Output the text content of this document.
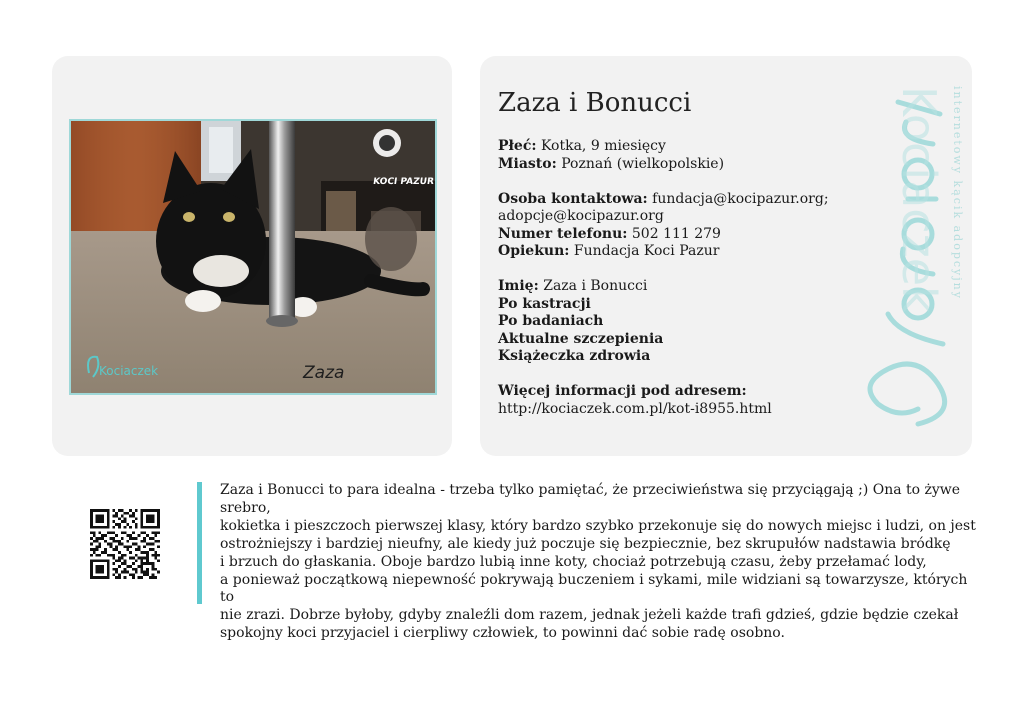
KOCI PAZUR
Kociaczek	Zaza
Zaza i Bonucci

Płeć: Kotka, 9 miesięcy

Miasto: Poznań (wielkopolskie)

Osoba kontaktowa: fundacja@kocipazur.org;

adopcje@kocipazur.org

Numer telefonu: 502 111 279

Opiekun: Fundacja Koci Pazur

Imię: Zaza i Bonucci

Po kastracji

Po badaniach

Aktualne szczepienia

Książeczka zdrowia

Więcej informacji pod adresem:

http://kociaczek.com.pl/kot-i8955.html

internetowy kącik adopcyjny
Kociaczek
Zaza i Bonucci to para idealna - trzeba tylko pamiętać, że przeciwieństwa się przyciągają ;) Ona to żywe srebro,
kokietka i pieszczoch pierwszej klasy, który bardzo szybko przekonuje się do nowych miejsc i ludzi, on jest
ostrożniejszy i bardziej nieufny, ale kiedy już poczuje się bezpiecznie, bez skrupułów nadstawia bródkę
i brzuch do głaskania. Oboje bardzo lubią inne koty, chociaż potrzebują czasu, żeby przełamać lody,
a ponieważ początkową niepewność pokrywają buczeniem i sykami, mile widziani są towarzysze, których to
nie zrazi. Dobrze byłoby, gdyby znaleźli dom razem, jednak jeżeli każde trafi gdzieś, gdzie będzie czekał
spokojny koci przyjaciel i cierpliwy człowiek, to powinni dać sobie radę osobno.
